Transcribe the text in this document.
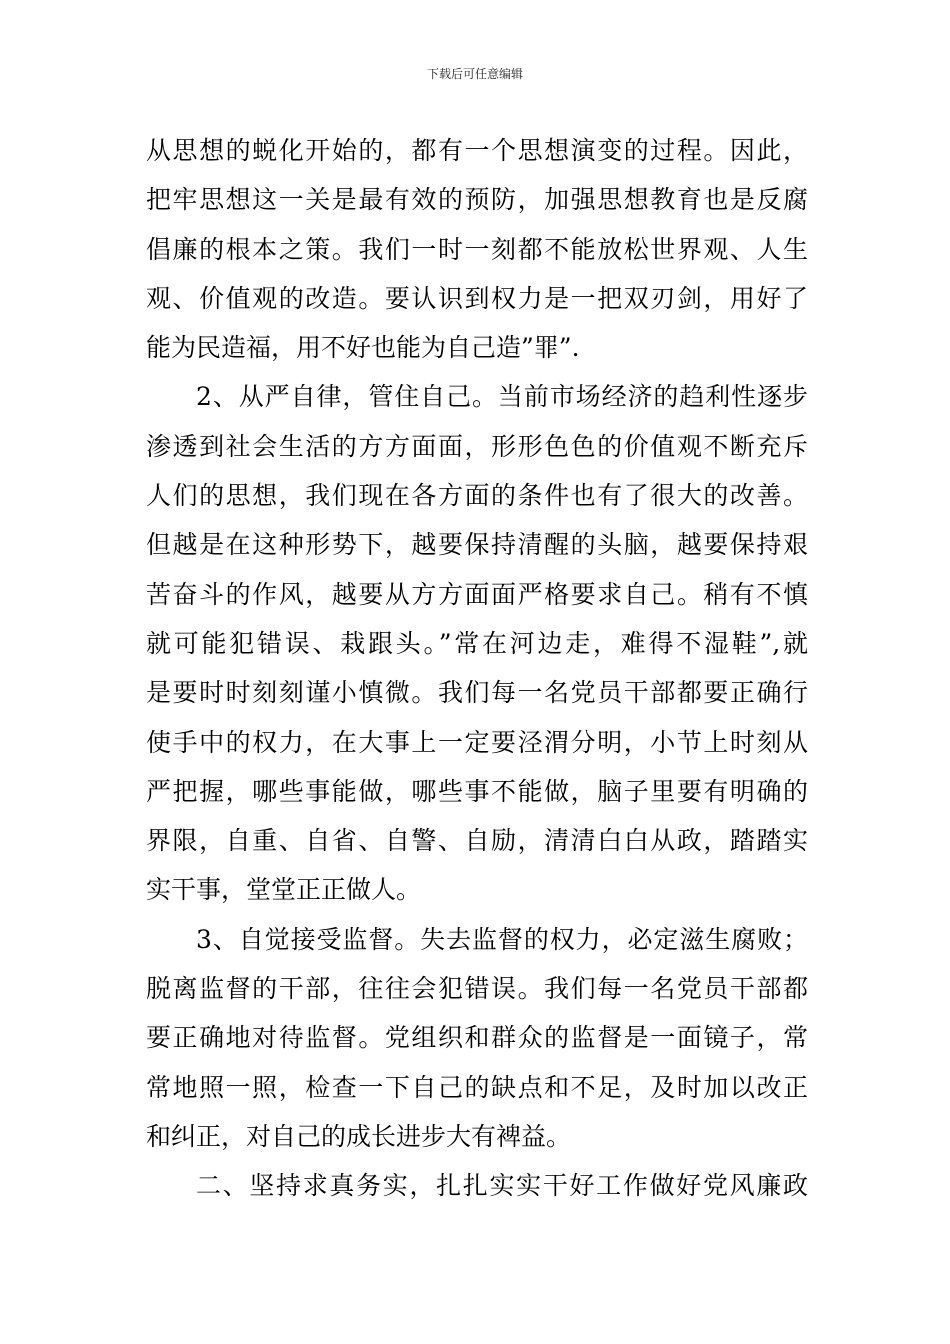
下载后可任意编辑
从思想的蜕化开始的，都有一个思想演变的过程。因此，
把牢思想这一关是最有效的预防，加强思想教育也是反腐
倡廉的根本之策。我们一时一刻都不能放松世界观、人生
观、价值观的改造。要认识到权力是一把双刃剑，用好了
能为民造福，用不好也能为自己造”罪”.
2、从严自律，管住自己。当前市场经济的趋利性逐步
渗透到社会生活的方方面面，形形色色的价值观不断充斥
人们的思想，我们现在各方面的条件也有了很大的改善。
但越是在这种形势下，越要保持清醒的头脑，越要保持艰
苦奋斗的作风，越要从方方面面严格要求自己。稍有不慎
就可能犯错误、栽跟头。”常在河边走，难得不湿鞋”,就
是要时时刻刻谨小慎微。我们每一名党员干部都要正确行
使手中的权力，在大事上一定要泾渭分明，小节上时刻从
严把握，哪些事能做，哪些事不能做，脑子里要有明确的
界限，自重、自省、自警、自励，清清白白从政，踏踏实
实干事，堂堂正正做人。
3、自觉接受监督。失去监督的权力，必定滋生腐败；
脱离监督的干部，往往会犯错误。我们每一名党员干部都
要正确地对待监督。党组织和群众的监督是一面镜子，常
常地照一照，检查一下自己的缺点和不足，及时加以改正
和纠正，对自己的成长进步大有裨益。
二、坚持求真务实，扎扎实实干好工作做好党风廉政
